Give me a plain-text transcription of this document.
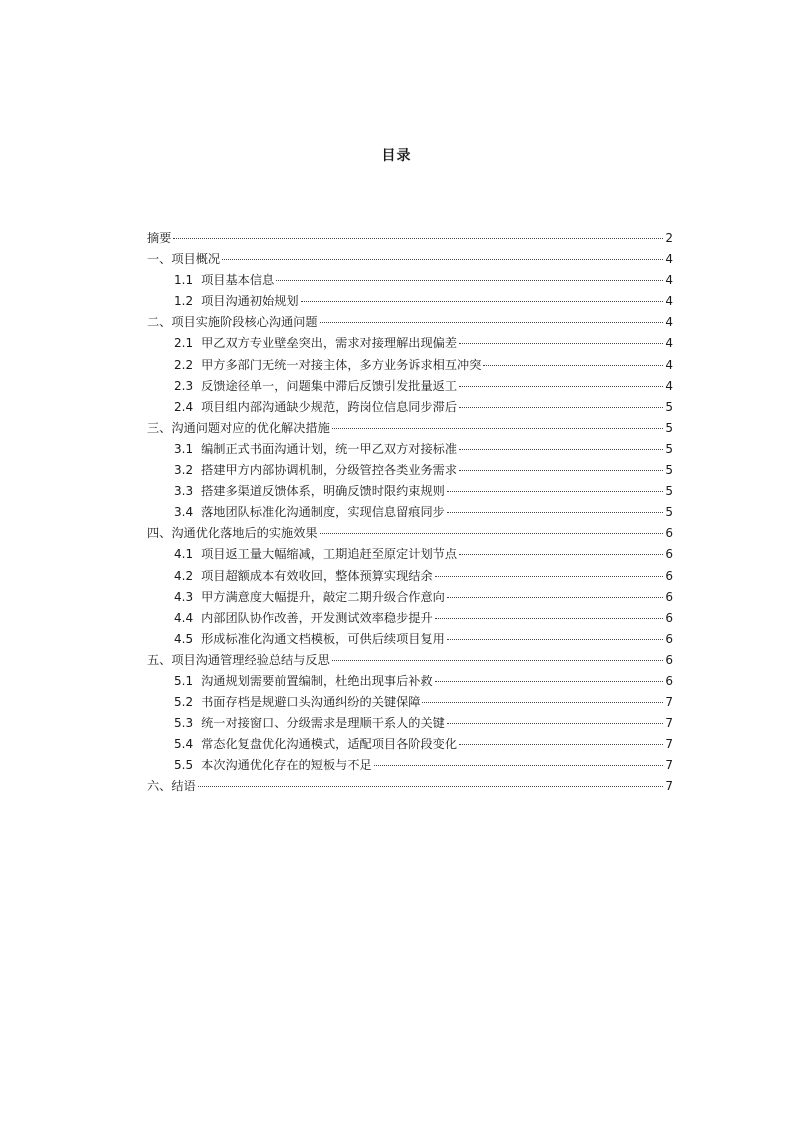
目录
摘要	2
一、项目概况	4
1.1 项目基本信息	4
1.2 项目沟通初始规划	4
二、项目实施阶段核心沟通问题	4
2.1 甲乙双方专业壁垒突出，需求对接理解出现偏差	4
2.2 甲方多部门无统一对接主体，多方业务诉求相互冲突	4
2.3 反馈途径单一，问题集中滞后反馈引发批量返工	4
2.4 项目组内部沟通缺少规范，跨岗位信息同步滞后	5
三、沟通问题对应的优化解决措施	5
3.1 编制正式书面沟通计划，统一甲乙双方对接标准	5
3.2 搭建甲方内部协调机制，分级管控各类业务需求	5
3.3 搭建多渠道反馈体系，明确反馈时限约束规则	5
3.4 落地团队标准化沟通制度，实现信息留痕同步	5
四、沟通优化落地后的实施效果	6
4.1 项目返工量大幅缩减，工期追赶至原定计划节点	6
4.2 项目超额成本有效收回，整体预算实现结余	6
4.3 甲方满意度大幅提升，敲定二期升级合作意向	6
4.4 内部团队协作改善，开发测试效率稳步提升	6
4.5 形成标准化沟通文档模板，可供后续项目复用	6
五、项目沟通管理经验总结与反思	6
5.1 沟通规划需要前置编制，杜绝出现事后补救	6
5.2 书面存档是规避口头沟通纠纷的关键保障	7
5.3 统一对接窗口、分级需求是理顺干系人的关键	7
5.4 常态化复盘优化沟通模式，适配项目各阶段变化	7
5.5 本次沟通优化存在的短板与不足	7
六、结语	7
